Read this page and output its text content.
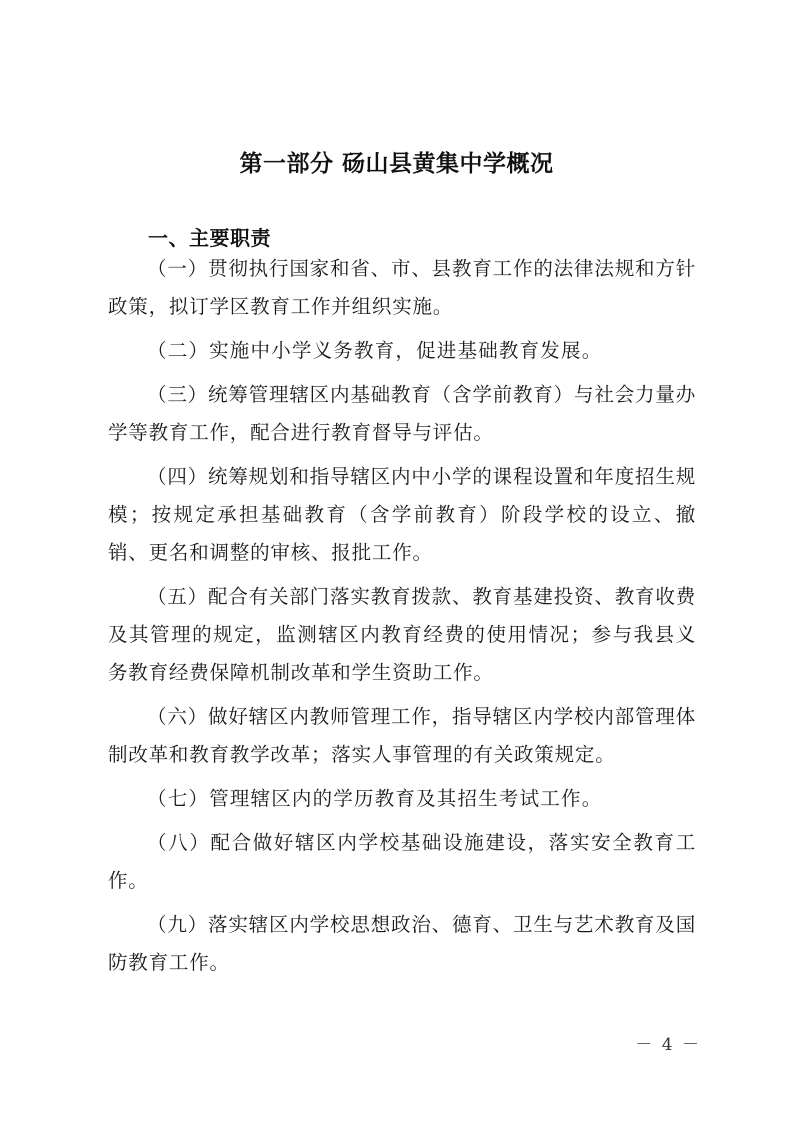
第一部分 砀山县黄集中学概况
一、主要职责

（一）贯彻执行国家和省、市、县教育工作的法律法规和方针政策，拟订学区教育工作并组织实施。

（二）实施中小学义务教育，促进基础教育发展。

（三）统筹管理辖区内基础教育（含学前教育）与社会力量办学等教育工作，配合进行教育督导与评估。

（四）统筹规划和指导辖区内中小学的课程设置和年度招生规模；按规定承担基础教育（含学前教育）阶段学校的设立、撤销、更名和调整的审核、报批工作。

（五）配合有关部门落实教育拨款、教育基建投资、教育收费及其管理的规定，监测辖区内教育经费的使用情况；参与我县义务教育经费保障机制改革和学生资助工作。

（六）做好辖区内教师管理工作，指导辖区内学校内部管理体制改革和教育教学改革；落实人事管理的有关政策规定。

（七）管理辖区内的学历教育及其招生考试工作。

（八）配合做好辖区内学校基础设施建设，落实安全教育工作。

（九）落实辖区内学校思想政治、德育、卫生与艺术教育及国防教育工作。

－ 4 －
